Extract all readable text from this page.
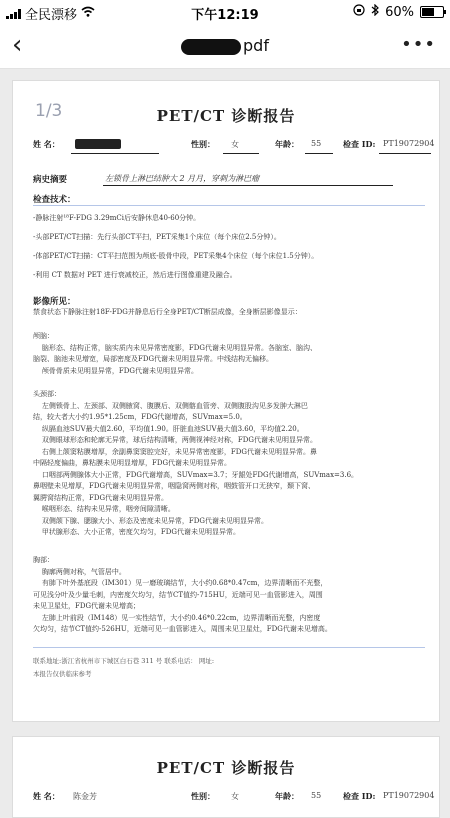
全民漂移	下午12:19	60%
‹	pdf	•••
1/3	PET/CT 诊断报告
姓 名：	性别： 女	年龄： 55	检查 ID: PT19072904
病史摘要	左锁骨上淋巴结肿大 2 月月，穿刺为淋巴瘤
检查技术：
-静脉注射¹⁸F-FDG 3.29mCi后安静休息40-60分钟。
-头部PET/CT扫描：先行头部CT平扫，PET采集1个床位（每个床位2.5分钟）。
-体部PET/CT扫描：CT平扫范围为颅底-股骨中段，PET采集4个床位（每个床位1.5分钟）。
-利用 CT 数据对 PET 进行衰减校正，然后进行图像重建及融合。
影像所见：
禁食状态下静脉注射18F-FDG并静息后行全身PET/CT断层成像，全身断层影像显示：
颅脑：
脑形态、结构正常，脑实质内未见异常密度影，FDG代谢未见明显异常。各脑室、脑沟、
脑裂、脑池未见增宽，局部密度及FDG代谢未见明显异常。中线结构无偏移。
颅骨骨质未见明显异常，FDG代谢未见明显异常。
头颈部：
左侧锁骨上、左颈部、双侧腋窝、腹膜后、双侧髂血管旁、双侧腹股沟见多发肿大淋巴
结，较大者大小约1.95*1.25cm，FDG代谢增高，SUVmax=5.0。
纵膈血池SUV最大值2.60，平均值1.90。肝脏血池SUV最大值3.60，平均值2.20。
双侧眼球形态和轮廓无异常，球后结构清晰，两侧视神经对称，FDG代谢未见明显异常。
右侧上颌窦粘膜增厚，余副鼻窦窦腔完好，未见异常密度影，FDG代谢未见明显异常。鼻
中隔轻度偏曲，鼻粘膜未见明显增厚，FDG代谢未见明显异常。
口咽部两侧腺体大小正常，FDG代谢增高，SUVmax=3.7；牙龈处FDG代谢增高，SUVmax=3.6。
鼻咽壁未见增厚，FDG代谢未见明显异常，咽隐窝两侧对称，咽鼓管开口无狭窄，颞下窝、
翼腭窝结构正常，FDG代谢未见明显异常。
喉咽形态、结构未见异常，咽旁间隙清晰。
双侧颌下腺、腮腺大小、形态及密度未见异常，FDG代谢未见明显异常。
甲状腺形态、大小正常，密度欠均匀，FDG代谢未见明显异常。
胸部：
胸廓两侧对称，气管居中。
有肺下叶外基底段（IM301）见一磨玻璃结节，大小约0.68*0.47cm，边界清晰而不光整，
可见浅分叶及少量毛刺，内密度欠均匀，结节CT值约-715HU，近端可见一血管影进入，周围
未见卫星灶，FDG代谢未见增高；
左肺上叶前段（IM148）见一实性结节，大小约0.46*0.22cm，边界清晰而光整，内密度
欠均匀，结节CT值约-526HU，近端可见一血管影进入，周围未见卫星灶，FDG代谢未见增高。
联系地址:浙江省杭州市下城区白石巷 311 号 联系电话： 网址:
本报告仅供临床参考
PET/CT 诊断报告
姓 名： 陈金芳	性别： 女	年龄： 55	检查 ID: PT19072904
